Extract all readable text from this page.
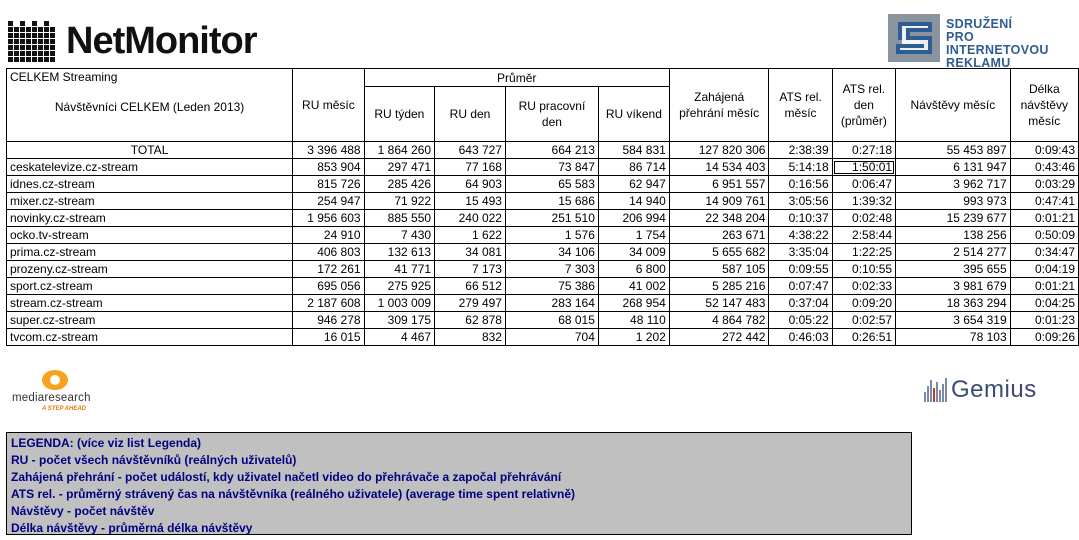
NetMonitor	SDRUŽENÍ
PRO INTERNETOVOU
REKLAMU
CELKEM Streaming
Návštěvníci CELKEM (Leden 2013)	RU měsíc	Průměr				Zahájená přehrání měsíc	ATS rel. měsíc	ATS rel. den (průměr)	Návštěvy měsíc	Délka návštěvy měsíc
		RU týden	RU den	RU pracovní den	RU víkend					
TOTAL	3 396 488	1 864 260	643 727	664 213	584 831	127 820 306	2:38:39	0:27:18	55 453 897	0:09:43
ceskatelevize.cz-stream	853 904	297 471	77 168	73 847	86 714	14 534 403	5:14:18	1:50:01	6 131 947	0:43:46
idnes.cz-stream	815 726	285 426	64 903	65 583	62 947	6 951 557	0:16:56	0:06:47	3 962 717	0:03:29
mixer.cz-stream	254 947	71 922	15 493	15 686	14 940	14 909 761	3:05:56	1:39:32	993 973	0:47:41
novinky.cz-stream	1 956 603	885 550	240 022	251 510	206 994	22 348 204	0:10:37	0:02:48	15 239 677	0:01:21
ocko.tv-stream	24 910	7 430	1 622	1 576	1 754	263 671	4:38:22	2:58:44	138 256	0:50:09
prima.cz-stream	406 803	132 613	34 081	34 106	34 009	5 655 682	3:35:04	1:22:25	2 514 277	0:34:47
prozeny.cz-stream	172 261	41 771	7 173	7 303	6 800	587 105	0:09:55	0:10:55	395 655	0:04:19
sport.cz-stream	695 056	275 925	66 512	75 386	41 002	5 285 216	0:07:47	0:02:33	3 981 679	0:01:21
stream.cz-stream	2 187 608	1 003 009	279 497	283 164	268 954	52 147 483	0:37:04	0:09:20	18 363 294	0:04:25
super.cz-stream	946 278	309 175	62 878	68 015	48 110	4 864 782	0:05:22	0:02:57	3 654 319	0:01:23
tvcom.cz-stream	16 015	4 467	832	704	1 202	272 442	0:46:03	0:26:51	78 103	0:09:26
mediaresearch
A STEP AHEAD
Gemius
LEGENDA: (více viz list Legenda)
RU - počet všech návštěvníků (reálných uživatelů)
Zahájená přehrání - počet událostí, kdy uživatel načetl video do přehrávače a započal přehrávání
ATS rel. - průměrný strávený čas na návštěvníka (reálného uživatele) (average time spent relativně)
Návštěvy - počet návštěv
Délka návštěvy - průměrná délka návštěvy
